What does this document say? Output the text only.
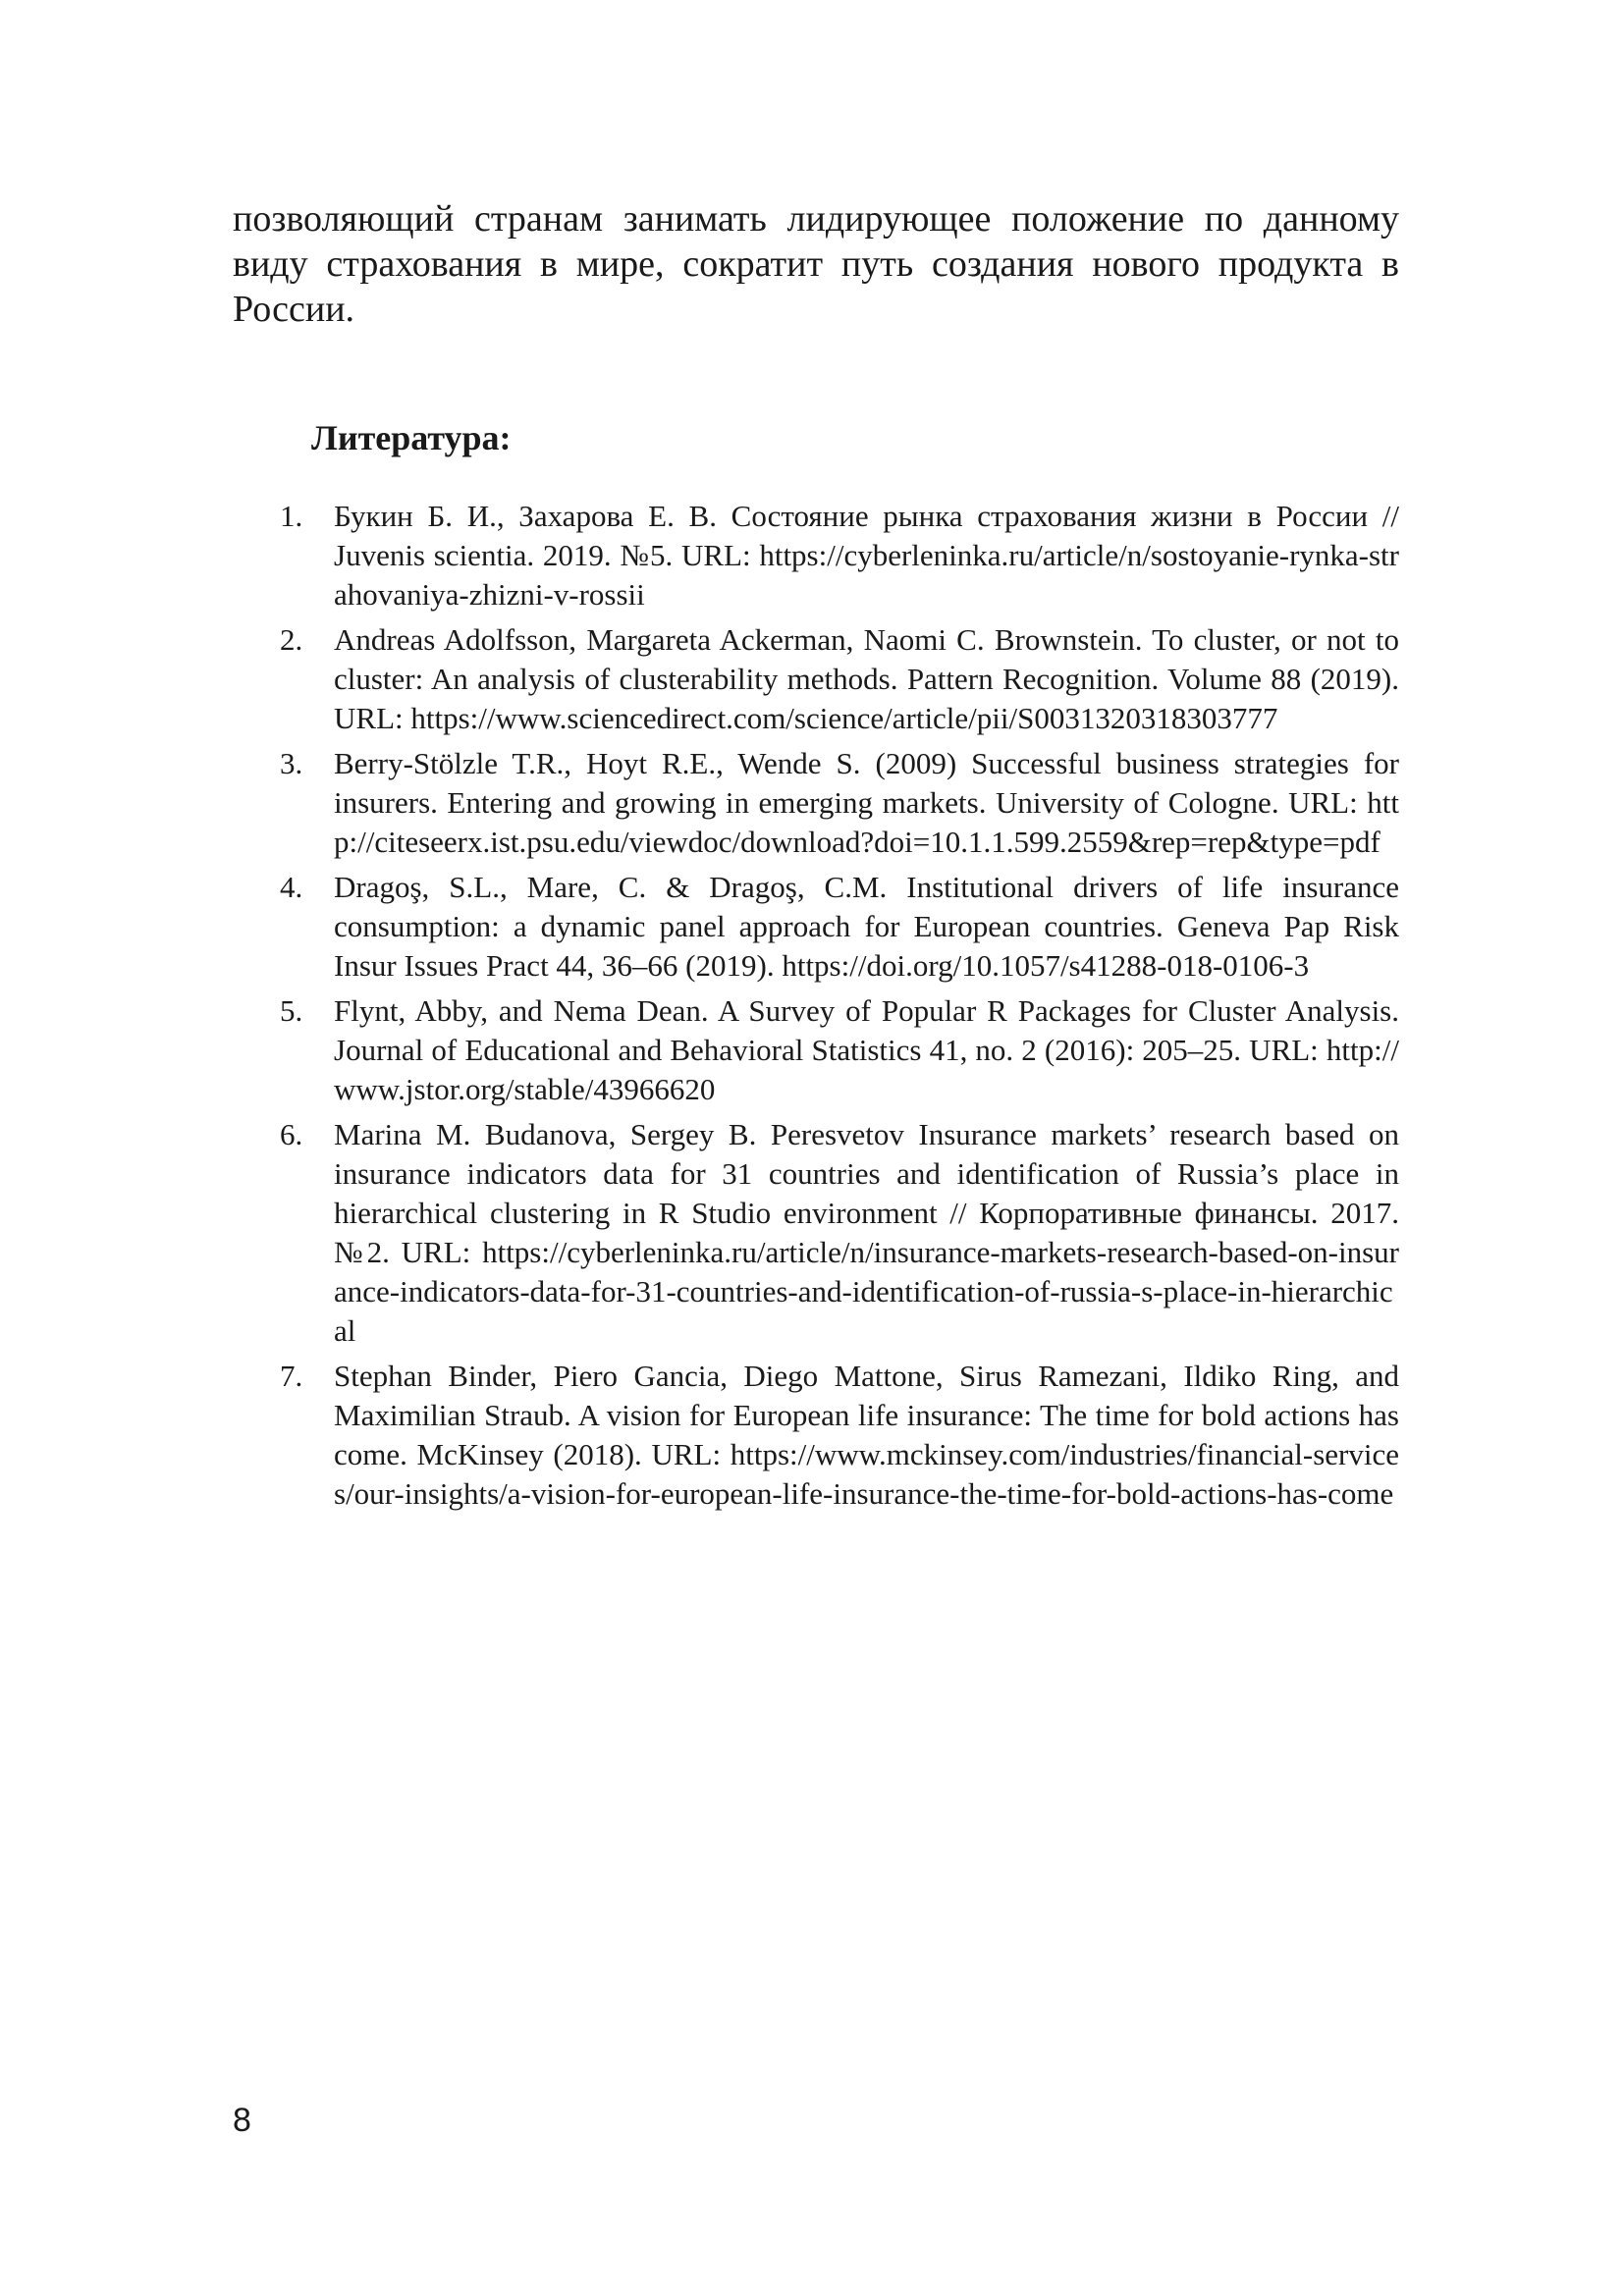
позволяющий странам занимать лидирующее положение по данному виду страхования в мире, сократит путь создания нового продукта в России.

Литература:
1.	Букин Б. И., Захарова Е. В. Состояние рынка страхования жизни в России // Juvenis scientia. 2019. №5. URL: https://cyberleninka.ru/article/n/sostoyanie-rynka-strahovaniya-zhizni-v-rossii
2.	Andreas Adolfsson, Margareta Ackerman, Naomi C. Brownstein. To cluster, or not to cluster: An analysis of clusterability methods. Pattern Recognition. Volume 88 (2019). URL: https://www.sciencedirect.com/science/article/pii/S0031320318303777
3.	Berry-Stölzle T.R., Hoyt R.E., Wende S. (2009) Successful business strategies for insurers. Entering and growing in emerging markets. University of Cologne. URL: http://citeseerx.ist.psu.edu/viewdoc/download?doi=10.1.1.599.2559&rep=rep&type=pdf
4.	Dragoş, S.L., Mare, C. & Dragoş, C.M. Institutional drivers of life insurance consumption: a dynamic panel approach for European countries. Geneva Pap Risk Insur Issues Pract 44, 36–66 (2019). https://doi.org/10.1057/s41288-018-0106-3
5.	Flynt, Abby, and Nema Dean. A Survey of Popular R Packages for Cluster Analysis. Journal of Educational and Behavioral Statistics 41, no. 2 (2016): 205–25. URL: http://www.jstor.org/stable/43966620
6.	Marina M. Budanova, Sergey B. Peresvetov Insurance markets’ research based on insurance indicators data for 31 countries and identification of Russia’s place in hierarchical clustering in R Studio environment // Корпоративные финансы. 2017. №2. URL: https://cyberleninka.ru/article/n/insurance-markets-research-based-on-insurance-indicators-data-for-31-countries-and-identification-of-russia-s-place-in-hierarchical
7.	Stephan Binder, Piero Gancia, Diego Mattone, Sirus Ramezani, Ildiko Ring, and Maximilian Straub. A vision for European life insurance: The time for bold actions has come. McKinsey (2018). URL: https://www.mckinsey.com/industries/financial-services/our-insights/a-vision-for-european-life-insurance-the-time-for-bold-actions-has-come

8
